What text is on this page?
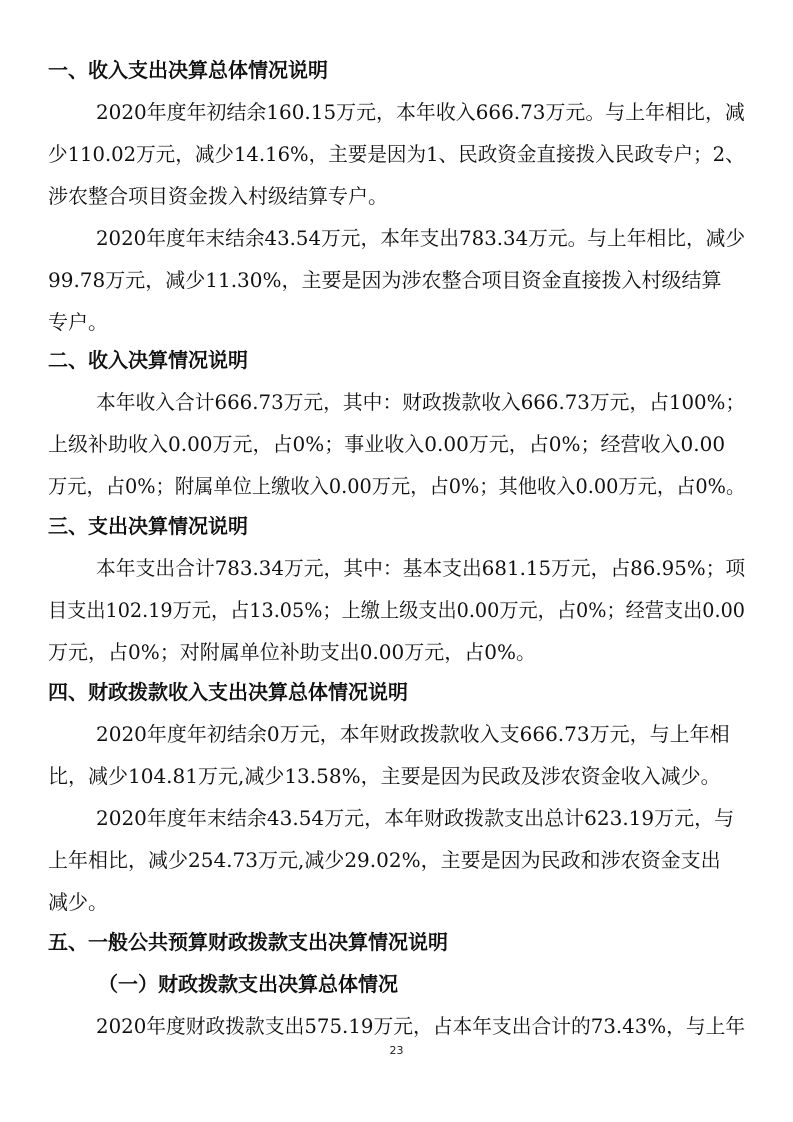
一、收入支出决算总体情况说明
2020年度年初结余160.15万元，本年收入666.73万元。与上年相比，减
少110.02万元，减少14.16%，主要是因为1、民政资金直接拨入民政专户；2、
涉农整合项目资金拨入村级结算专户。
2020年度年末结余43.54万元，本年支出783.34万元。与上年相比，减少
99.78万元，减少11.30%，主要是因为涉农整合项目资金直接拨入村级结算
专户。
二、收入决算情况说明
本年收入合计666.73万元，其中：财政拨款收入666.73万元，占100%；
上级补助收入0.00万元，占0%；事业收入0.00万元，占0%；经营收入0.00
万元，占0%；附属单位上缴收入0.00万元，占0%；其他收入0.00万元，占0%。
三、支出决算情况说明
本年支出合计783.34万元，其中：基本支出681.15万元，占86.95%；项
目支出102.19万元，占13.05%；上缴上级支出0.00万元，占0%；经营支出0.00
万元，占0%；对附属单位补助支出0.00万元，占0%。
四、财政拨款收入支出决算总体情况说明
2020年度年初结余0万元，本年财政拨款收入支666.73万元，与上年相
比，减少104.81万元,减少13.58%，主要是因为民政及涉农资金收入减少。
2020年度年末结余43.54万元，本年财政拨款支出总计623.19万元，与
上年相比，减少254.73万元,减少29.02%，主要是因为民政和涉农资金支出
减少。
五、一般公共预算财政拨款支出决算情况说明
（一）财政拨款支出决算总体情况
2020年度财政拨款支出575.19万元，占本年支出合计的73.43%，与上年
23
